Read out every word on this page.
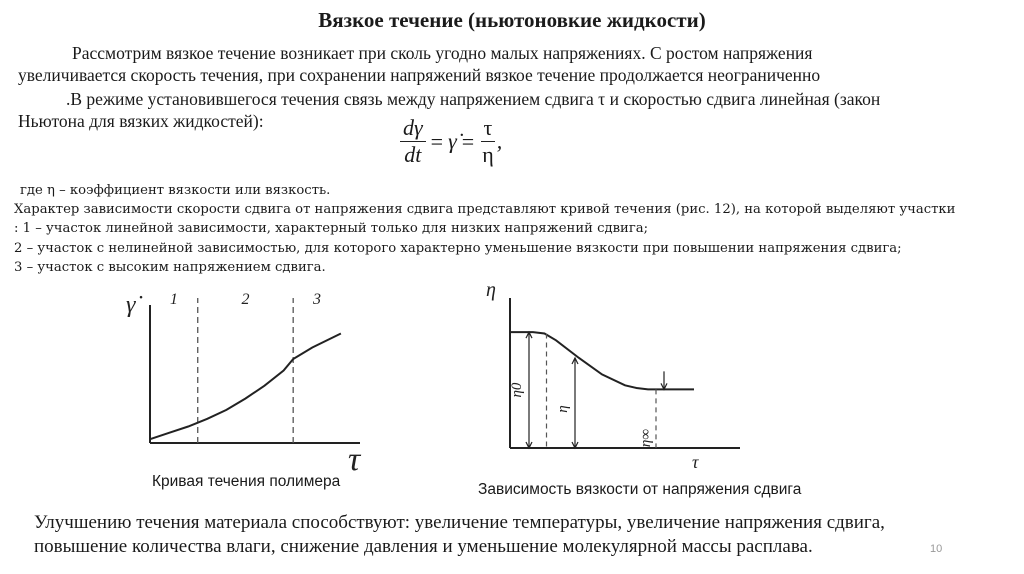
Вязкое течение (ньютоновкие жидкости)
Рассмотрим вязкое течение возникает при сколь угодно малых напряжениях. С ростом напряжения
увеличивается скорость течения, при сохранении напряжений вязкое течение продолжается неограниченно
.В режиме установившегося течения связь между напряжением сдвига τ и скоростью сдвига линейная (закон
Ньютона для вязких жидкостей):	$\frac{d\gamma}{dt}$ = γ̇ = $\frac{\tau}{\eta}$ ,
где η – коэффициент вязкости или вязкость.
Характер зависимости скорости сдвига от напряжения сдвига представляют кривой течения (рис. 12), на которой выделяют участки
: 1 – участок линейной зависимости, характерный только для низких напряжений сдвига;
2 – участок с нелинейной зависимостью, для которого характерно уменьшение вязкости при повышении напряжения сдвига;
3 – участок с высоким напряжением сдвига.
γ̇
τ
1	2	3
Кривая течения полимера
η
τ
η0
η
η∞
Зависимость вязкости от напряжения сдвига
Улучшению течения материала способствуют: увеличение температуры, увеличение напряжения сдвига,
повышение количества влаги, снижение давления и уменьшение молекулярной массы расплава.	10
